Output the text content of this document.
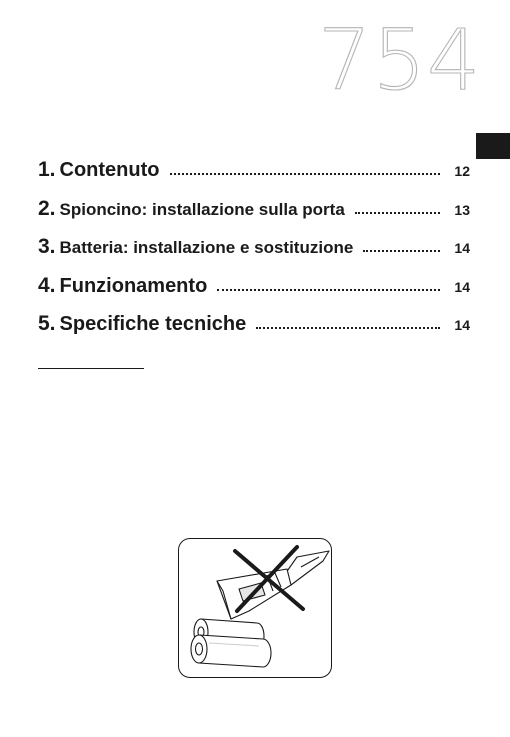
754
1. Contenuto	12
2. Spioncino: installazione sulla porta	13
3. Batteria: installazione e sostituzione	14
4. Funzionamento	14
5. Specifiche tecniche	14
